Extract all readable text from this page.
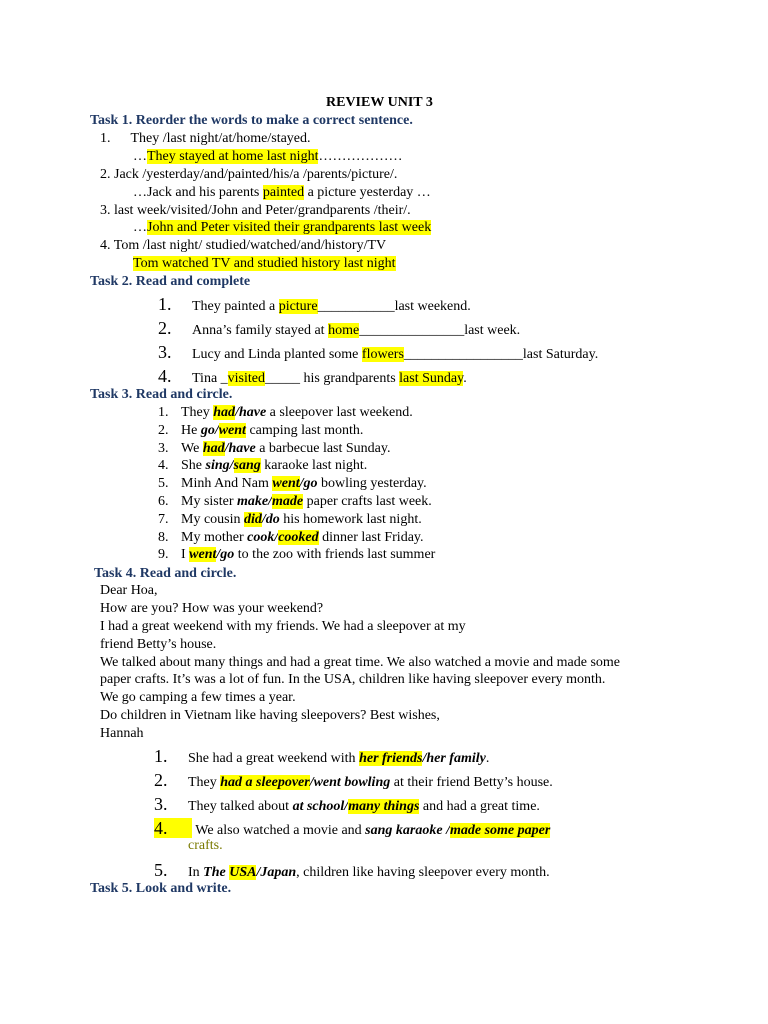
REVIEW UNIT 3
Task 1. Reorder the words to make a correct sentence.
1. They /last night/at/home/stayed.
…They stayed at home last night………………
2. Jack /yesterday/and/painted/his/a /parents/picture/.
…Jack and his parents painted a picture yesterday …
3. last week/visited/John and Peter/grandparents /their/.
…John and Peter visited their grandparents last week
4. Tom /last night/ studied/watched/and/history/TV
Tom watched TV and studied history last night
Task 2. Read and complete
1. They painted a picture___________last weekend.
2. Anna’s family stayed at home_______________last week.
3. Lucy and Linda planted some flowers_________________last Saturday.
4. Tina _visited_____ his grandparents last Sunday.
Task 3. Read and circle.
1. They had/have a sleepover last weekend.
2. He go/went camping last month.
3. We had/have a barbecue last Sunday.
4. She sing/sang karaoke last night.
5. Minh And Nam went/go bowling yesterday.
6. My sister make/made paper crafts last week.
7. My cousin did/do his homework last night.
8. My mother cook/cooked dinner last Friday.
9. I went/go to the zoo with friends last summer
Task 4. Read and circle.
Dear Hoa,
How are you? How was your weekend?
I had a great weekend with my friends. We had a sleepover at my
friend Betty’s house.
We talked about many things and had a great time. We also watched a movie and made some
paper crafts. It’s was a lot of fun. In the USA, children like having sleepover every month.
We go camping a few times a year.
Do children in Vietnam like having sleepovers? Best wishes,
Hannah
1. She had a great weekend with her friends/her family.
2. They had a sleepover/went bowling at their friend Betty’s house.
3. They talked about at school/many things and had a great time.
4. We also watched a movie and sang karaoke /made some paper
crafts.
5. In The USA/Japan, children like having sleepover every month.
Task 5. Look and write.
